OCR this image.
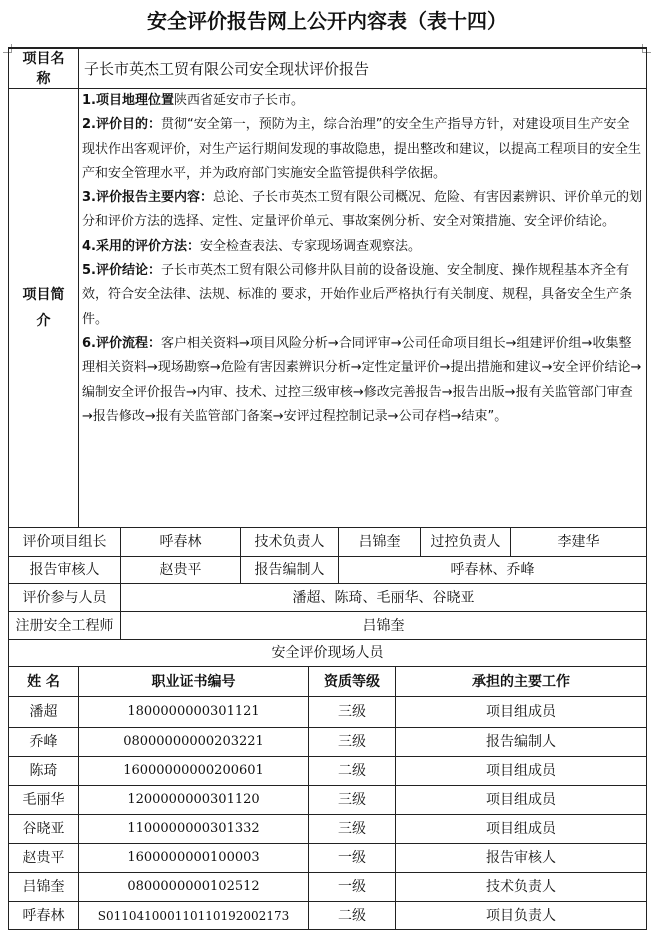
安全评价报告网上公开内容表（表十四）
项目名
称
子长市英杰工贸有限公司安全现状评价报告
项目简
介

1.项目地理位置陕西省延安市子长市。

2.评价目的：贯彻“安全第一，预防为主，综合治理”的安全生产指导方针，对建设项目生产安全现状作出客观评价，对生产运行期间发现的事故隐患，提出整改和建议，以提高工程项目的安全生产和安全管理水平，并为政府部门实施安全监管提供科学依据。

3.评价报告主要内容：总论、子长市英杰工贸有限公司概况、危险、有害因素辨识、评价单元的划分和评价方法的选择、定性、定量评价单元、事故案例分析、安全对策措施、安全评价结论。

4.采用的评价方法：安全检查表法、专家现场调查观察法。

5.评价结论：子长市英杰工贸有限公司修井队目前的设备设施、安全制度、操作规程基本齐全有效，符合安全法律、法规、标准的 要求，开始作业后严格执行有关制度、规程，具备安全生产条件。

6.评价流程：客户相关资料→项目风险分析→合同评审→公司任命项目组长→组建评价组→收集整理相关资料→现场勘察→危险有害因素辨识分析→定性定量评价→提出措施和建议→安全评价结论→编制安全评价报告→内审、技术、过控三级审核→修改完善报告→报告出版→报有关监管部门审查→报告修改→报有关监管部门备案→安评过程控制记录→公司存档→结束”。

评价项目组长	呼春林	技术负责人	吕锦奎	过控负责人	李建华
报告审核人	赵贵平	报告编制人	呼春林、乔峰
评价参与人员	潘超、陈琦、毛丽华、谷晓亚
注册安全工程师	吕锦奎
安全评价现场人员
姓 名	职业证书编号	资质等级	承担的主要工作
潘超	1800000000301121	三级	项目组成员
乔峰	08000000000203221	三级	报告编制人
陈琦	16000000000200601	二级	项目组成员
毛丽华	1200000000301120	三级	项目组成员
谷晓亚	1100000000301332	三级	项目组成员
赵贵平	1600000000100003	一级	报告审核人
吕锦奎	0800000000102512	一级	技术负责人
呼春林	S011041000110110192002173	二级	项目负责人
